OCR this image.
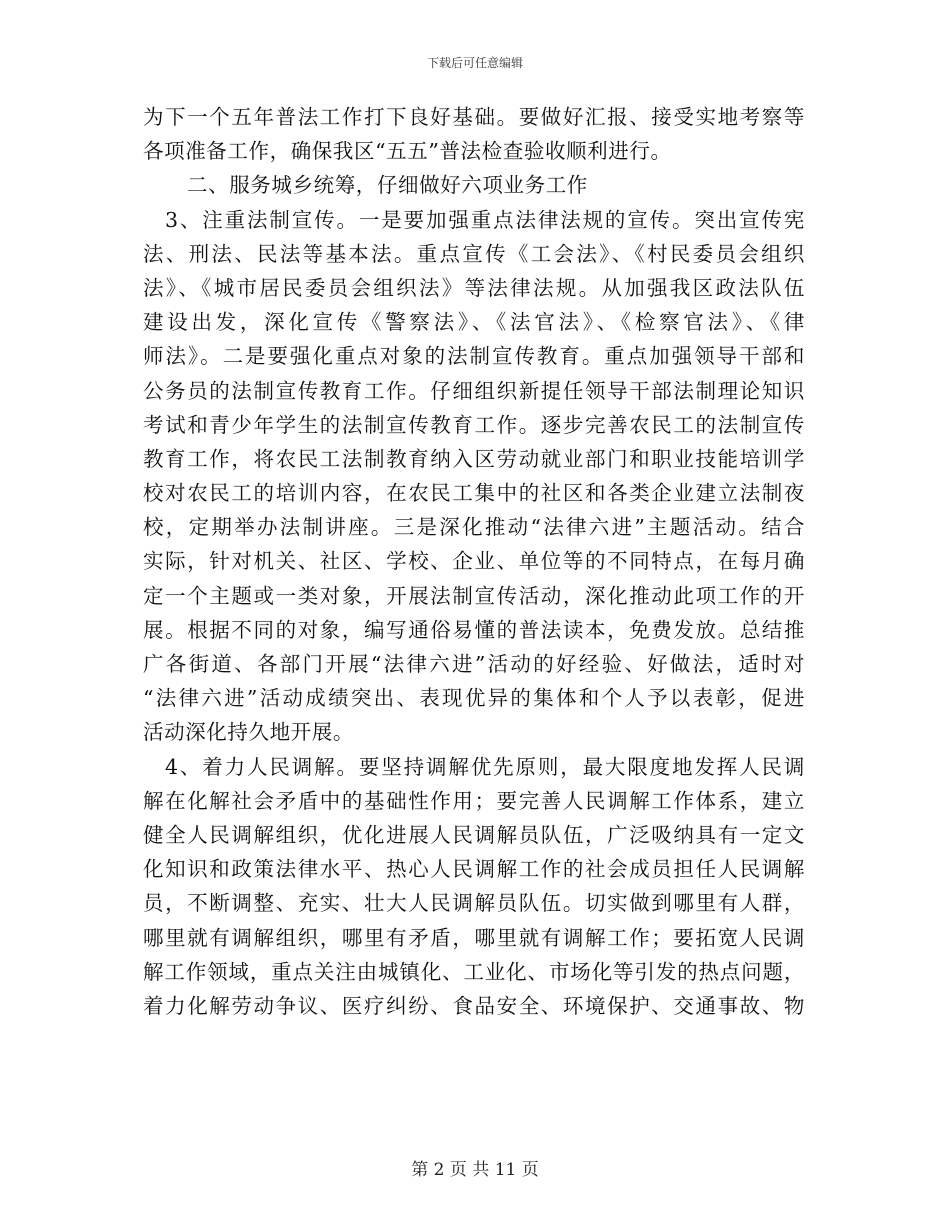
下载后可任意编辑
为下一个五年普法工作打下良好基础。要做好汇报、接受实地考察等
各项准备工作，确保我区“五五”普法检查验收顺利进行。
二、服务城乡统筹，仔细做好六项业务工作
3、注重法制宣传。一是要加强重点法律法规的宣传。突出宣传宪
法、刑法、民法等基本法。重点宣传《工会法》、《村民委员会组织
法》、《城市居民委员会组织法》等法律法规。从加强我区政法队伍
建设出发，深化宣传《警察法》、《法官法》、《检察官法》、《律
师法》。二是要强化重点对象的法制宣传教育。重点加强领导干部和
公务员的法制宣传教育工作。仔细组织新提任领导干部法制理论知识
考试和青少年学生的法制宣传教育工作。逐步完善农民工的法制宣传
教育工作，将农民工法制教育纳入区劳动就业部门和职业技能培训学
校对农民工的培训内容，在农民工集中的社区和各类企业建立法制夜
校，定期举办法制讲座。三是深化推动“法律六进”主题活动。结合
实际，针对机关、社区、学校、企业、单位等的不同特点，在每月确
定一个主题或一类对象，开展法制宣传活动，深化推动此项工作的开
展。根据不同的对象，编写通俗易懂的普法读本，免费发放。总结推
广各街道、各部门开展“法律六进”活动的好经验、好做法，适时对
“法律六进”活动成绩突出、表现优异的集体和个人予以表彰，促进
活动深化持久地开展。
4、着力人民调解。要坚持调解优先原则，最大限度地发挥人民调
解在化解社会矛盾中的基础性作用；要完善人民调解工作体系，建立
健全人民调解组织，优化进展人民调解员队伍，广泛吸纳具有一定文
化知识和政策法律水平、热心人民调解工作的社会成员担任人民调解
员，不断调整、充实、壮大人民调解员队伍。切实做到哪里有人群，
哪里就有调解组织，哪里有矛盾，哪里就有调解工作；要拓宽人民调
解工作领域，重点关注由城镇化、工业化、市场化等引发的热点问题，
着力化解劳动争议、医疗纠纷、食品安全、环境保护、交通事故、物
第 2 页 共 11 页
